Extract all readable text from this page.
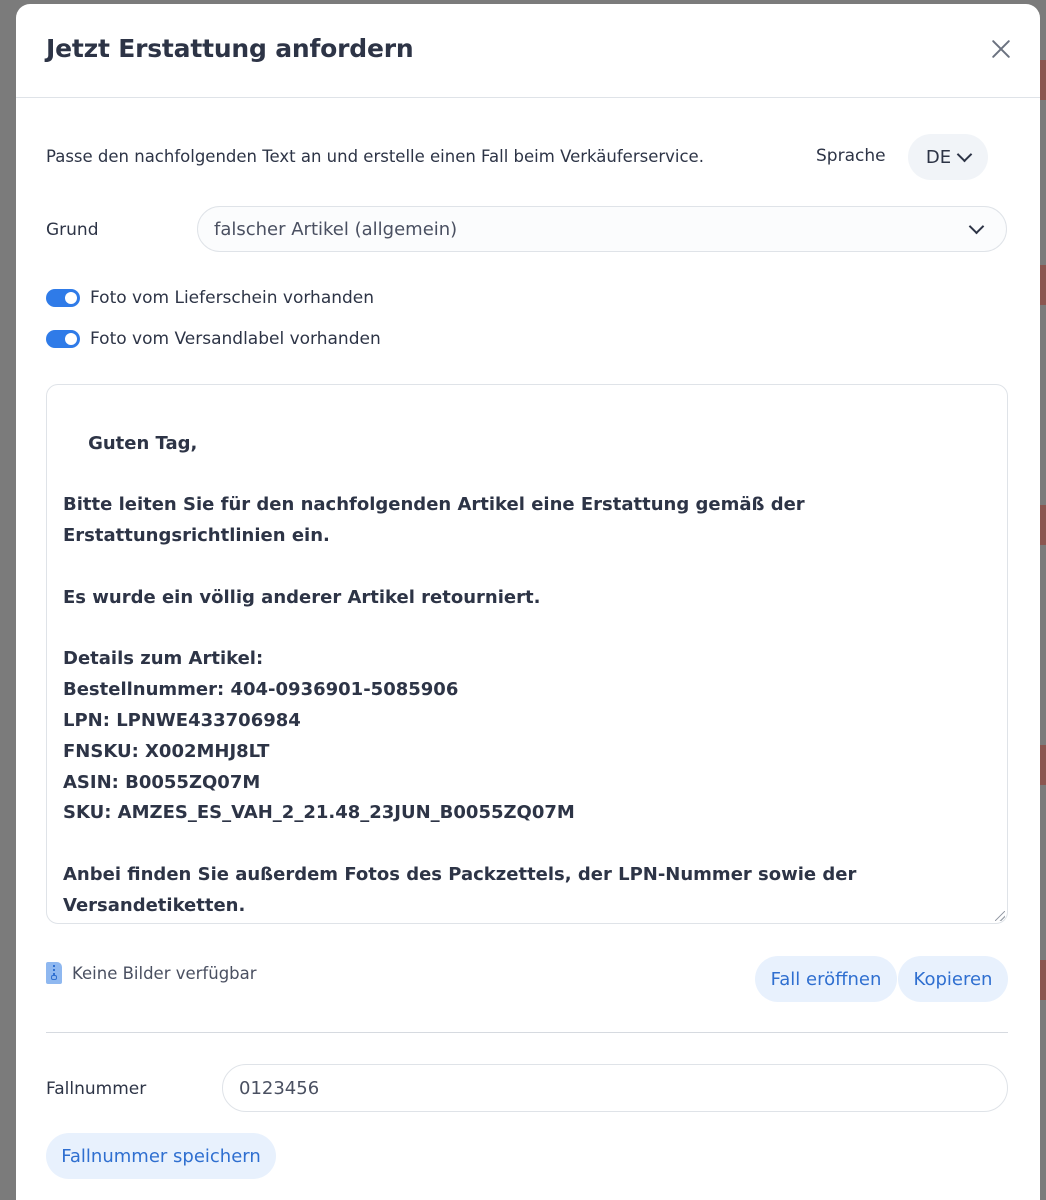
Jetzt Erstattung anfordern
Passe den nachfolgenden Text an und erstelle einen Fall beim Verkäuferservice.	Sprache DE
Grund	falscher Artikel (allgemein)
Foto vom Lieferschein vorhanden
Foto vom Versandlabel vorhanden

Guten Tag,

Bitte leiten Sie für den nachfolgenden Artikel eine Erstattung gemäß der Erstattungsrichtlinien ein.

Es wurde ein völlig anderer Artikel retourniert.

Details zum Artikel:
Bestellnummer: 404-0936901-5085906
LPN: LPNWE433706984
FNSKU: X002MHJ8LT
ASIN: B0055ZQ07M
SKU: AMZES_ES_VAH_2_21.48_23JUN_B0055ZQ07M

Anbei finden Sie außerdem Fotos des Packzettels, der LPN-Nummer sowie der Versandetiketten.

Keine Bilder verfügbar	Fall eröffnen	Kopieren
Fallnummer
0123456
Fallnummer speichern
